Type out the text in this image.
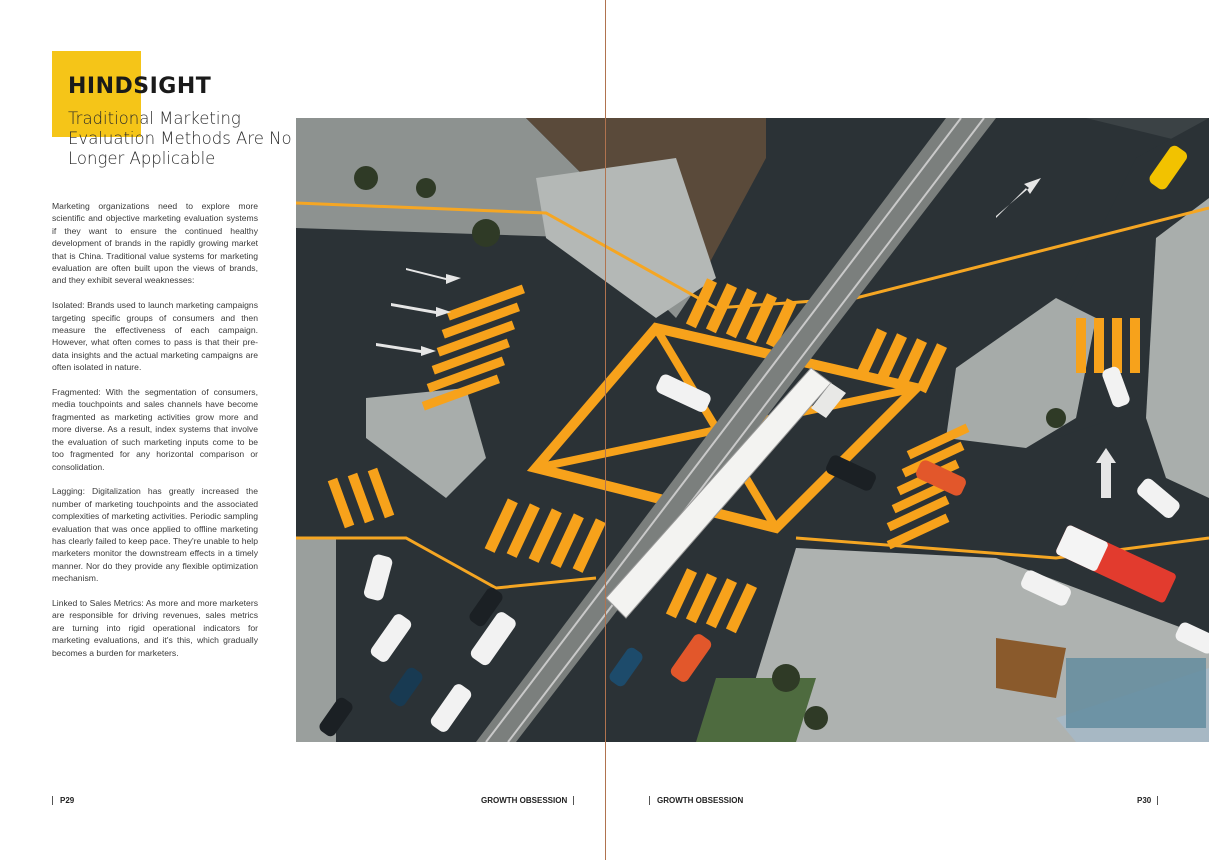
HINDSIGHT
Traditional Marketing Evaluation Methods Are No Longer Applicable

Marketing organizations need to explore more scientific and objective marketing evaluation systems if they want to ensure the continued healthy development of brands in the rapidly growing market that is China. Traditional value systems for marketing evaluation are often built upon the views of brands, and they exhibit several weaknesses:

Isolated: Brands used to launch marketing campaigns targeting specific groups of consumers and then measure the effectiveness of each campaign. However, what often comes to pass is that their pre-data insights and the actual marketing campaigns are often isolated in nature.

Fragmented: With the segmentation of consumers, media touchpoints and sales channels have become fragmented as marketing activities grow more and more diverse. As a result, index systems that involve the evaluation of such marketing inputs come to be too fragmented for any horizontal comparison or consolidation.

Lagging: Digitalization has greatly increased the number of marketing touchpoints and the associated complexities of marketing activities. Periodic sampling evaluation that was once applied to offline marketing has clearly failed to keep pace. They're unable to help marketers monitor the downstream effects in a timely manner. Nor do they provide any flexible optimization mechanism.

Linked to Sales Metrics: As more and more marketers are responsible for driving revenues, sales metrics are turning into rigid operational indicators for marketing evaluations, and it's this, which gradually becomes a burden for marketers.

P29	GROWTH OBSESSION	GROWTH OBSESSION	P30
